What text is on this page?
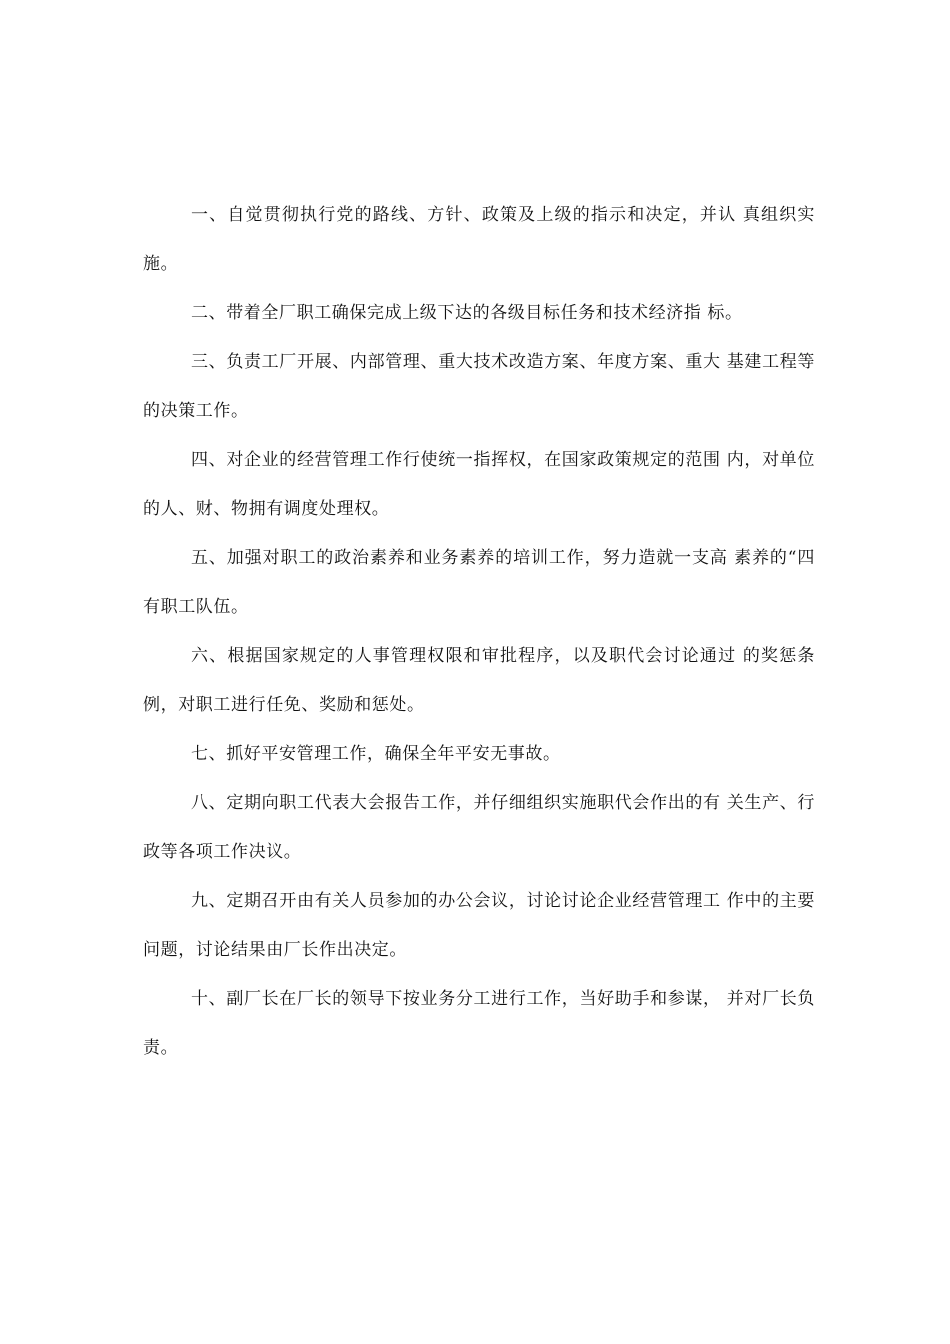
一、自觉贯彻执行党的路线、方针、政策及上级的指示和决定，并认 真组织实施。

二、带着全厂职工确保完成上级下达的各级目标任务和技术经济指 标。

三、负责工厂开展、内部管理、重大技术改造方案、年度方案、重大 基建工程等的决策工作。

四、对企业的经营管理工作行使统一指挥权，在国家政策规定的范围 内，对单位的人、财、物拥有调度处理权。

五、加强对职工的政治素养和业务素养的培训工作，努力造就一支高 素养的“四有职工队伍。

六、根据国家规定的人事管理权限和审批程序，以及职代会讨论通过 的奖惩条例，对职工进行任免、奖励和惩处。

七、抓好平安管理工作，确保全年平安无事故。

八、定期向职工代表大会报告工作，并仔细组织实施职代会作出的有 关生产、行政等各项工作决议。

九、定期召开由有关人员参加的办公会议，讨论讨论企业经营管理工 作中的主要问题，讨论结果由厂长作出决定。

十、副厂长在厂长的领导下按业务分工进行工作，当好助手和参谋， 并对厂长负责。
